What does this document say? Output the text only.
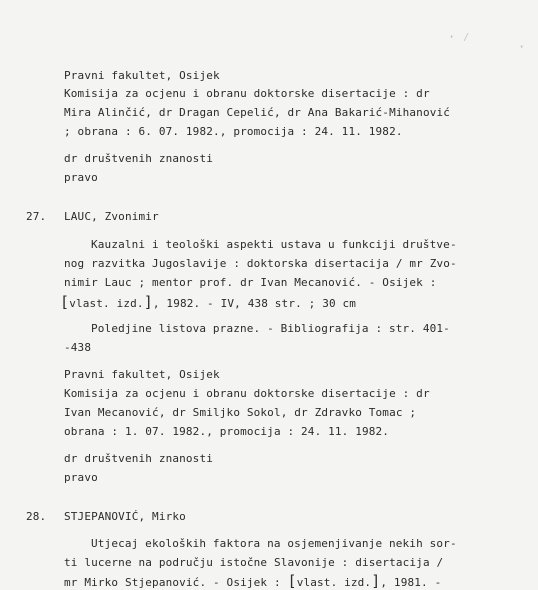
· ⁄
·
Pravni fakultet, Osijek
Komisija za ocjenu i obranu doktorske disertacije : dr
Mira Alinčić, dr Dragan Cepelić, dr Ana Bakarić-Mihanović
; obrana : 6. 07. 1982., promocija : 24. 11. 1982.
dr društvenih znanosti
pravo
27. LAUC, Zvonimir
Kauzalni i teološki aspekti ustava u funkciji društve-
nog razvitka Jugoslavije : doktorska disertacija / mr Zvo-
nimir Lauc ; mentor prof. dr Ivan Mecanović. - Osijek :
[vlast. izd.], 1982. - IV, 438 str. ; 30 cm
Poledjine listova prazne. - Bibliografija : str. 401-
-438
Pravni fakultet, Osijek
Komisija za ocjenu i obranu doktorske disertacije : dr
Ivan Mecanović, dr Smiljko Sokol, dr Zdravko Tomac ;
obrana : 1. 07. 1982., promocija : 24. 11. 1982.
dr društvenih znanosti
pravo
28. STJEPANOVIĆ, Mirko
Utjecaj ekoloških faktora na osjemenjivanje nekih sor-
ti lucerne na području istočne Slavonije : disertacija /
mr Mirko Stjepanović. - Osijek : [vlast. izd.], 1981. -
